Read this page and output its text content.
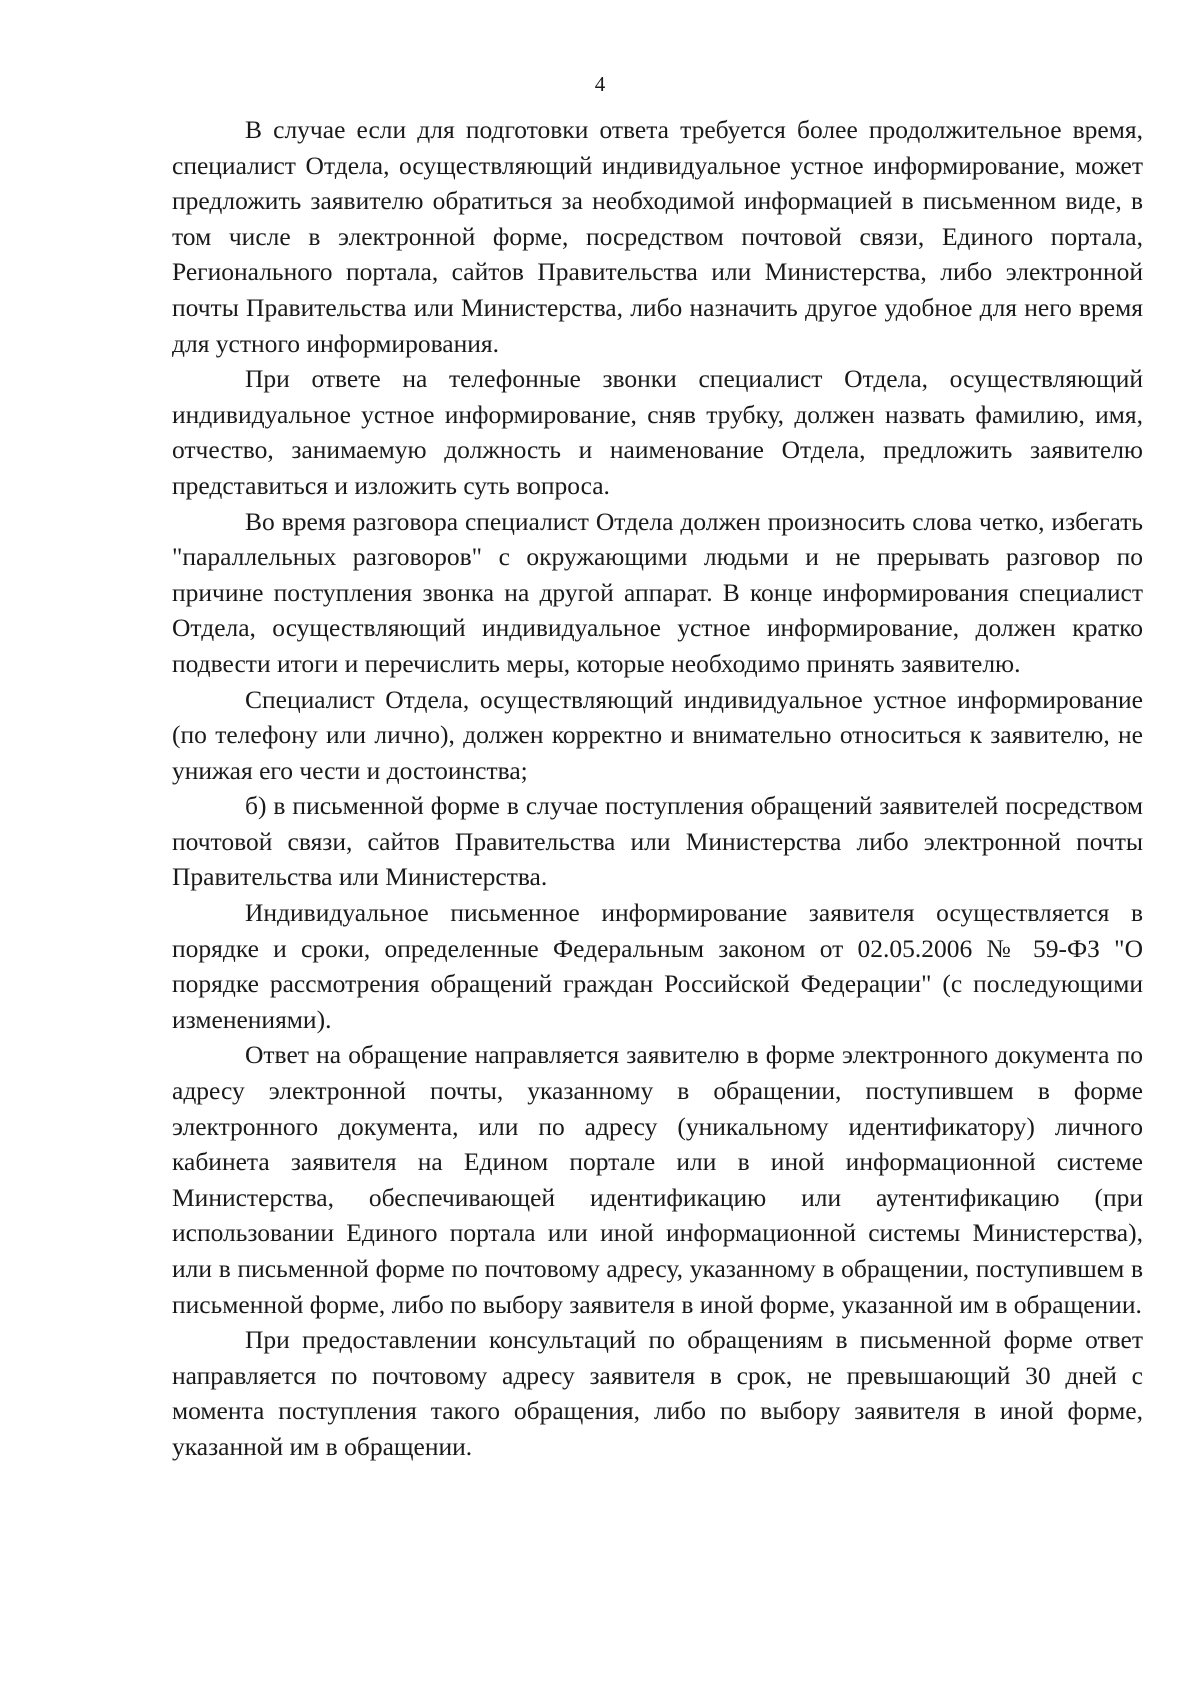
4

В случае если для подготовки ответа требуется более продолжительное время, специалист Отдела, осуществляющий индивидуальное устное информирование, может предложить заявителю обратиться за необходимой информацией в письменном виде, в том числе в электронной форме, посредством почтовой связи, Единого портала, Регионального портала, сайтов Правительства или Министерства, либо электронной почты Правительства или Министерства, либо назначить другое удобное для него время для устного информирования.

При ответе на телефонные звонки специалист Отдела, осуществляющий индивидуальное устное информирование, сняв трубку, должен назвать фамилию, имя, отчество, занимаемую должность и наименование Отдела, предложить заявителю представиться и изложить суть вопроса.

Во время разговора специалист Отдела должен произносить слова четко, избегать "параллельных разговоров" с окружающими людьми и не прерывать разговор по причине поступления звонка на другой аппарат. В конце информирования специалист Отдела, осуществляющий индивидуальное устное информирование, должен кратко подвести итоги и перечислить меры, которые необходимо принять заявителю.

Специалист Отдела, осуществляющий индивидуальное устное информирование (по телефону или лично), должен корректно и внимательно относиться к заявителю, не унижая его чести и достоинства;

б) в письменной форме в случае поступления обращений заявителей посредством почтовой связи, сайтов Правительства или Министерства либо электронной почты Правительства или Министерства.

Индивидуальное письменное информирование заявителя осуществляется в порядке и сроки, определенные Федеральным законом от 02.05.2006 № 59-ФЗ "О порядке рассмотрения обращений граждан Российской Федерации" (с последующими изменениями).

Ответ на обращение направляется заявителю в форме электронного документа по адресу электронной почты, указанному в обращении, поступившем в форме электронного документа, или по адресу (уникальному идентификатору) личного кабинета заявителя на Едином портале или в иной информационной системе Министерства, обеспечивающей идентификацию или аутентификацию (при использовании Единого портала или иной информационной системы Министерства), или в письменной форме по почтовому адресу, указанному в обращении, поступившем в письменной форме, либо по выбору заявителя в иной форме, указанной им в обращении.

При предоставлении консультаций по обращениям в письменной форме ответ направляется по почтовому адресу заявителя в срок, не превышающий 30 дней с момента поступления такого обращения, либо по выбору заявителя в иной форме, указанной им в обращении.
